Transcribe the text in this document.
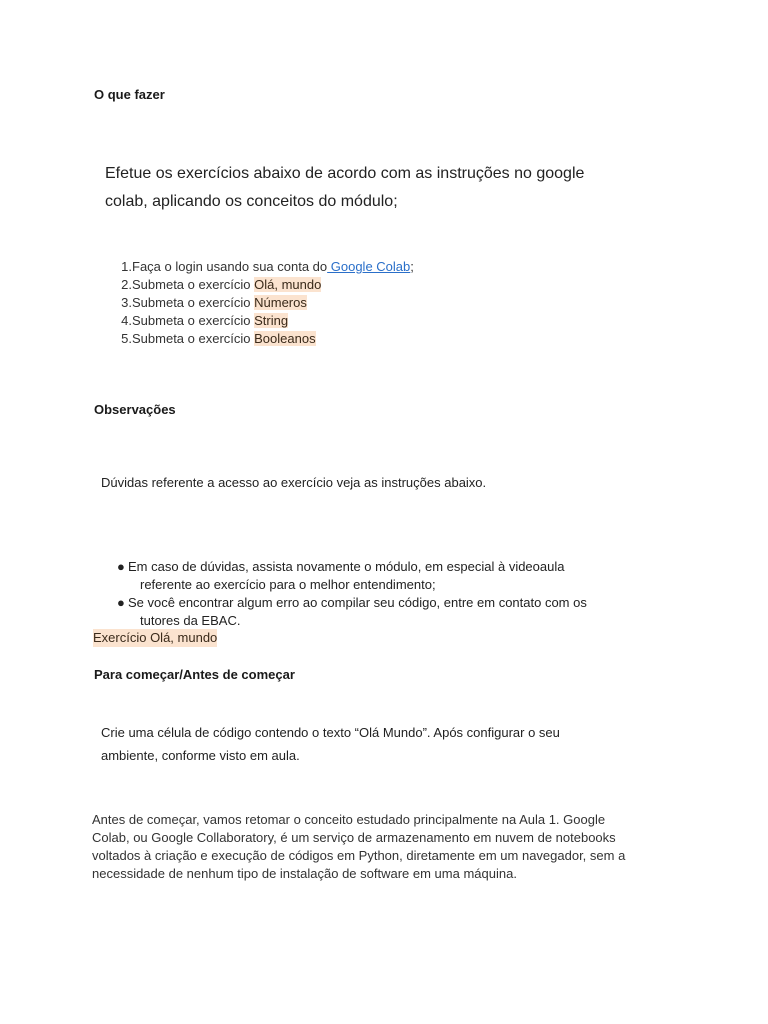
O que fazer
Efetue os exercícios abaixo de acordo com as instruções no google
colab, aplicando os conceitos do módulo;
1. Faça o login usando sua conta do Google Colab;
2. Submeta o exercício Olá, mundo
3. Submeta o exercício Números
4. Submeta o exercício String
5. Submeta o exercício Booleanos
Observações
Dúvidas referente a acesso ao exercício veja as instruções abaixo.
● Em caso de dúvidas, assista novamente o módulo, em especial à videoaula
referente ao exercício para o melhor entendimento;
● Se você encontrar algum erro ao compilar seu código, entre em contato com os
tutores da EBAC.
Exercício Olá, mundo
Para começar/Antes de começar
Crie uma célula de código contendo o texto “Olá Mundo”. Após configurar o seu
ambiente, conforme visto em aula.
Antes de começar, vamos retomar o conceito estudado principalmente na Aula 1. Google
Colab, ou Google Collaboratory, é um serviço de armazenamento em nuvem de notebooks
voltados à criação e execução de códigos em Python, diretamente em um navegador, sem a
necessidade de nenhum tipo de instalação de software em uma máquina.
